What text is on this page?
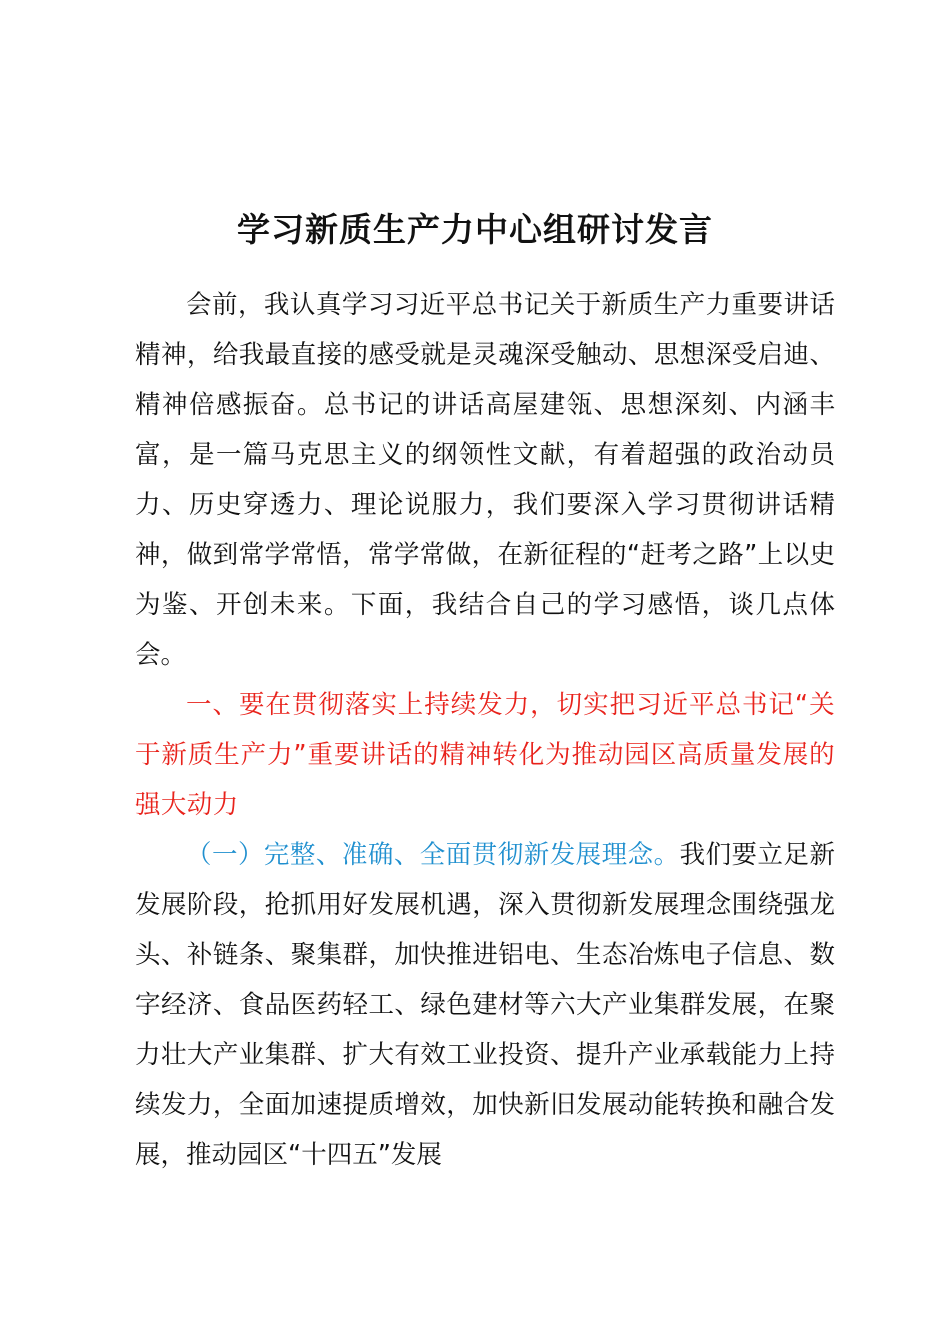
学习新质生产力中心组研讨发言

会前，我认真学习习近平总书记关于新质生产力重要讲话精神，给我最直接的感受就是灵魂深受触动、思想深受启迪、精神倍感振奋。总书记的讲话高屋建瓴、思想深刻、内涵丰富，是一篇马克思主义的纲领性文献，有着超强的政治动员力、历史穿透力、理论说服力，我们要深入学习贯彻讲话精神，做到常学常悟，常学常做，在新征程的“赶考之路”上以史为鉴、开创未来。下面，我结合自己的学习感悟，谈几点体会。

一、要在贯彻落实上持续发力，切实把习近平总书记“关于新质生产力”重要讲话的精神转化为推动园区高质量发展的强大动力

（一）完整、准确、全面贯彻新发展理念。我们要立足新发展阶段，抢抓用好发展机遇，深入贯彻新发展理念围绕强龙头、补链条、聚集群，加快推进铝电、生态冶炼电子信息、数字经济、食品医药轻工、绿色建材等六大产业集群发展，在聚力壮大产业集群、扩大有效工业投资、提升产业承载能力上持续发力，全面加速提质增效，加快新旧发展动能转换和融合发展，推动园区“十四五”发展
